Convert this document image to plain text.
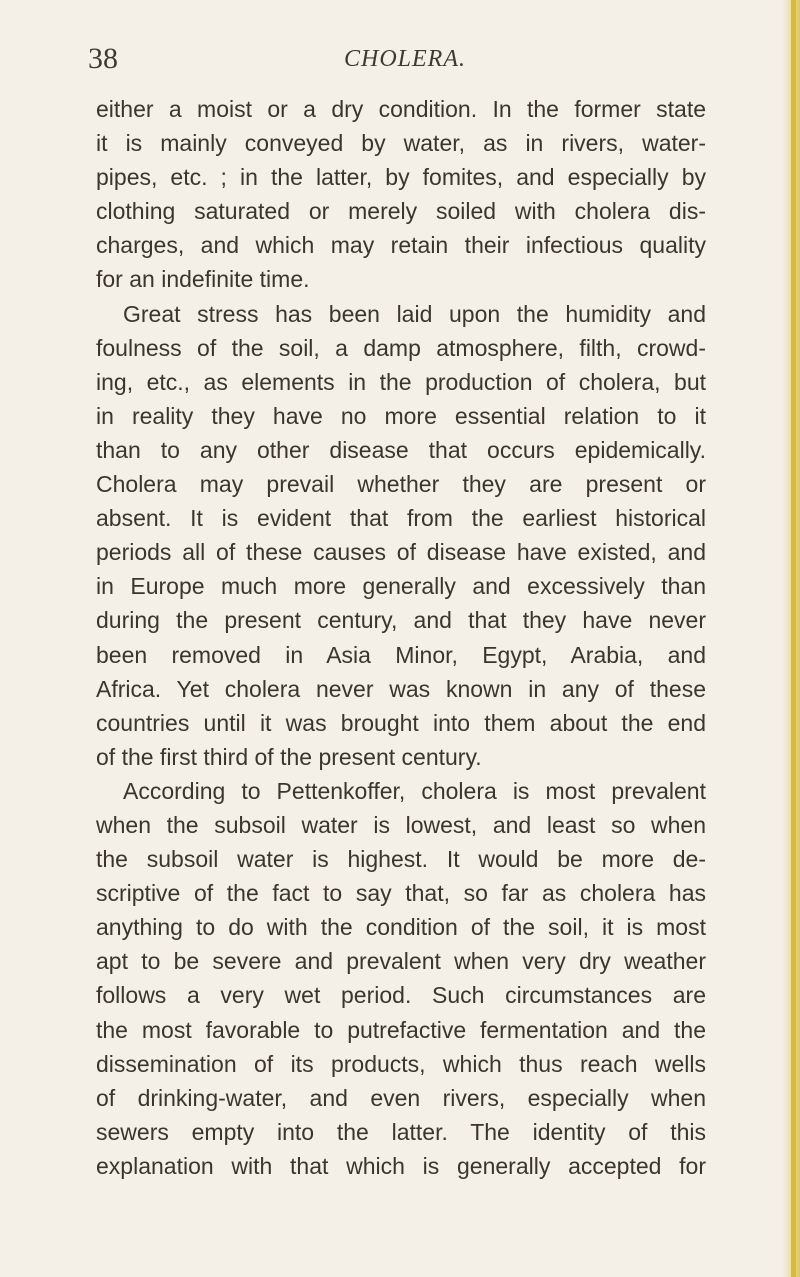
38	CHOLERA.
either a moist or a dry condition. In the former state
it is mainly conveyed by water, as in rivers, water-
pipes, etc. ; in the latter, by fomites, and especially by
clothing saturated or merely soiled with cholera dis-
charges, and which may retain their infectious quality
for an indefinite time.
Great stress has been laid upon the humidity and
foulness of the soil, a damp atmosphere, filth, crowd-
ing, etc., as elements in the production of cholera, but
in reality they have no more essential relation to it
than to any other disease that occurs epidemically.
Cholera may prevail whether they are present or
absent. It is evident that from the earliest historical
periods all of these causes of disease have existed, and
in Europe much more generally and excessively than
during the present century, and that they have never
been removed in Asia Minor, Egypt, Arabia, and
Africa. Yet cholera never was known in any of these
countries until it was brought into them about the end
of the first third of the present century.
According to Pettenkoffer, cholera is most prevalent
when the subsoil water is lowest, and least so when
the subsoil water is highest. It would be more de-
scriptive of the fact to say that, so far as cholera has
anything to do with the condition of the soil, it is most
apt to be severe and prevalent when very dry weather
follows a very wet period. Such circumstances are
the most favorable to putrefactive fermentation and the
dissemination of its products, which thus reach wells
of drinking-water, and even rivers, especially when
sewers empty into the latter. The identity of this
explanation with that which is generally accepted for
